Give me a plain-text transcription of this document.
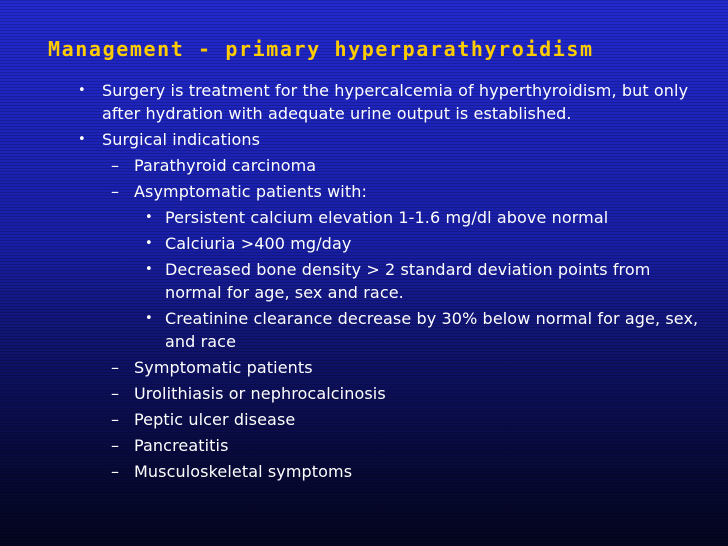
Management - primary hyperparathyroidism
•	Surgery is treatment for the hypercalcemia of hyperthyroidism, but only after hydration with adequate urine output is established.
•	Surgical indications
– Parathyroid carcinoma
– Asymptomatic patients with:
• Persistent calcium elevation 1-1.6 mg/dl above normal
• Calciuria >400 mg/day
• Decreased bone density > 2 standard deviation points from normal for age, sex and race.
• Creatinine clearance decrease by 30% below normal for age, sex, and race
– Symptomatic patients
– Urolithiasis or nephrocalcinosis
– Peptic ulcer disease
– Pancreatitis
– Musculoskeletal symptoms
